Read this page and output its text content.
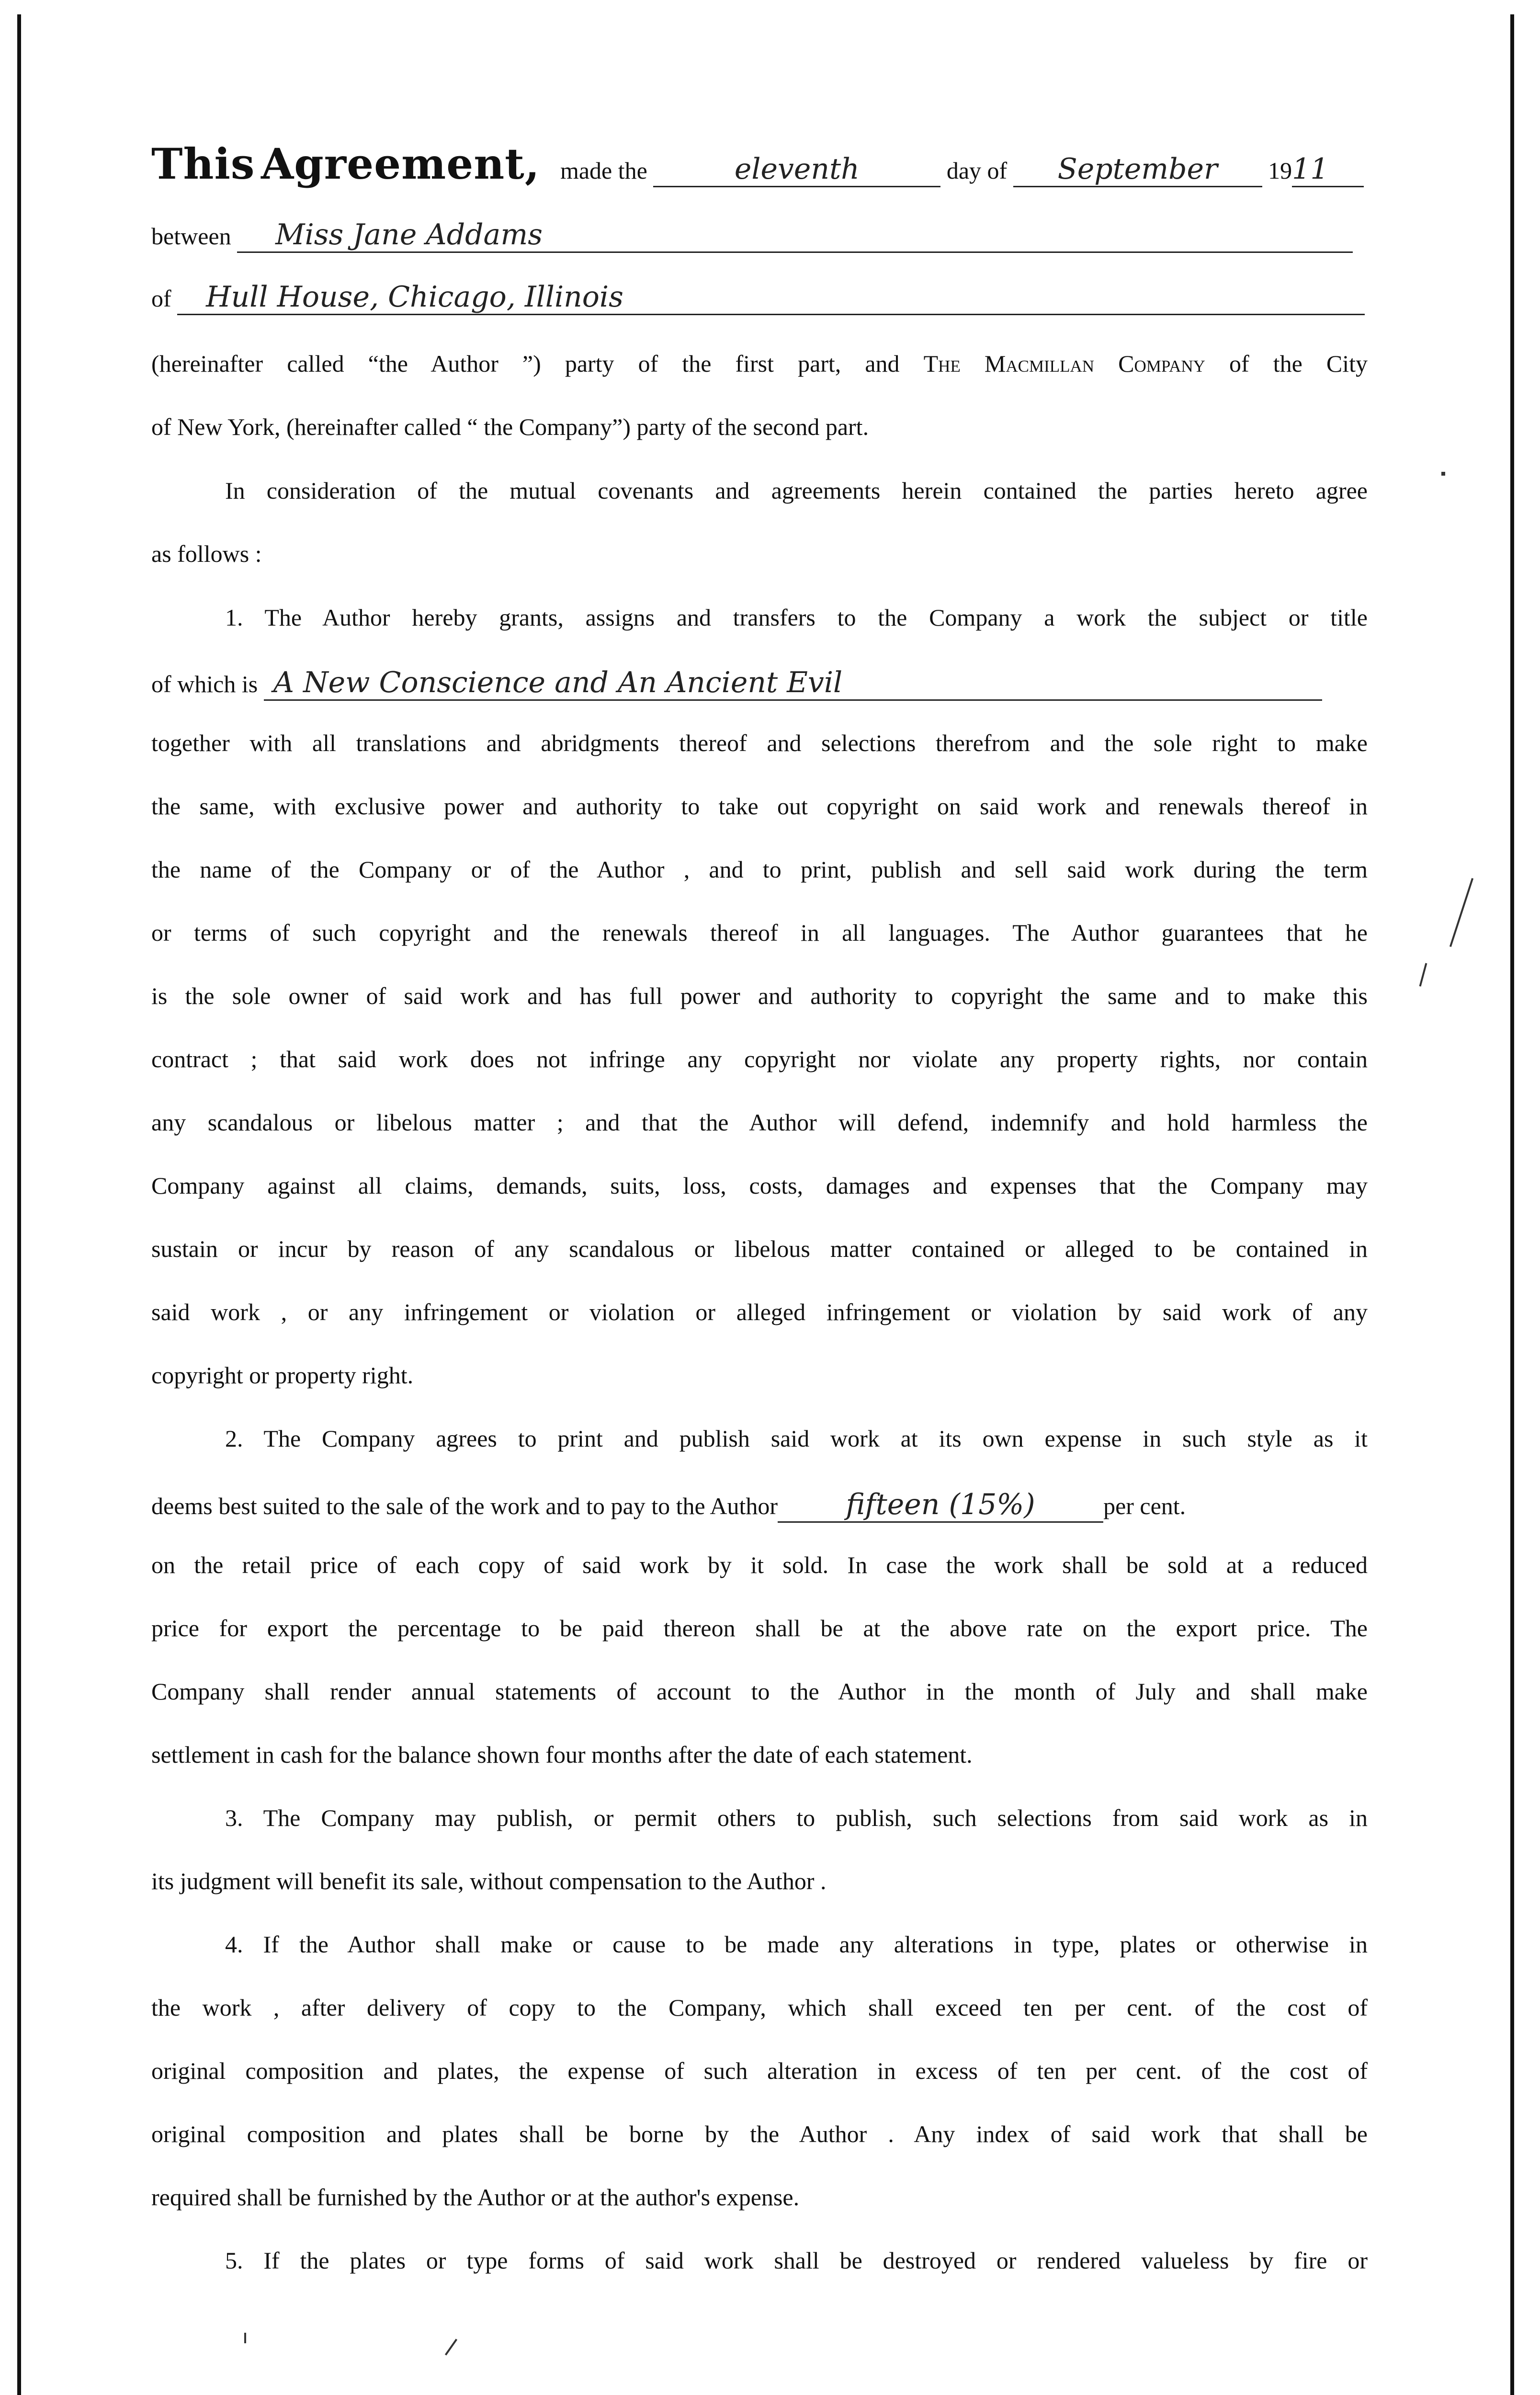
This Agreement, made the	eleventh	day of September 1911
between Miss Jane Addams
of Hull House, Chicago, Illinois
(hereinafter called “the Author ”) party of the first part, and The Macmillan Company of the City
of New York, (hereinafter called “ the Company”) party of the second part.
In consideration of the mutual covenants and agreements herein contained the parties hereto agree
as follows :
1. The Author hereby grants, assigns and transfers to the Company a work the subject or title
of which is A New Conscience and An Ancient Evil
together with all translations and abridgments thereof and selections therefrom and the sole right to make
the same, with exclusive power and authority to take out copyright on said work and renewals thereof in
the name of the Company or of the Author , and to print, publish and sell said work during the term
or terms of such copyright and the renewals thereof in all languages. The Author guarantees that he
is the sole owner of said work and has full power and authority to copyright the same and to make this
contract ; that said work does not infringe any copyright nor violate any property rights, nor contain
any scandalous or libelous matter ; and that the Author will defend, indemnify and hold harmless the
Company against all claims, demands, suits, loss, costs, damages and expenses that the Company may
sustain or incur by reason of any scandalous or libelous matter contained or alleged to be contained in
said work , or any infringement or violation or alleged infringement or violation by said work of any
copyright or property right.
2. The Company agrees to print and publish said work at its own expense in such style as it
deems best suited to the sale of the work and to pay to the Author fifteen (15%)	per cent.
on the retail price of each copy of said work by it sold. In case the work shall be sold at a reduced
price for export the percentage to be paid thereon shall be at the above rate on the export price. The
Company shall render annual statements of account to the Author in the month of July and shall make
settlement in cash for the balance shown four months after the date of each statement.
3. The Company may publish, or permit others to publish, such selections from said work as in
its judgment will benefit its sale, without compensation to the Author .
4. If the Author shall make or cause to be made any alterations in type, plates or otherwise in
the work , after delivery of copy to the Company, which shall exceed ten per cent. of the cost of
original composition and plates, the expense of such alteration in excess of ten per cent. of the cost of
original composition and plates shall be borne by the Author . Any index of said work that shall be
required shall be furnished by the Author or at the author's expense.
5. If the plates or type forms of said work shall be destroyed or rendered valueless by fire or
